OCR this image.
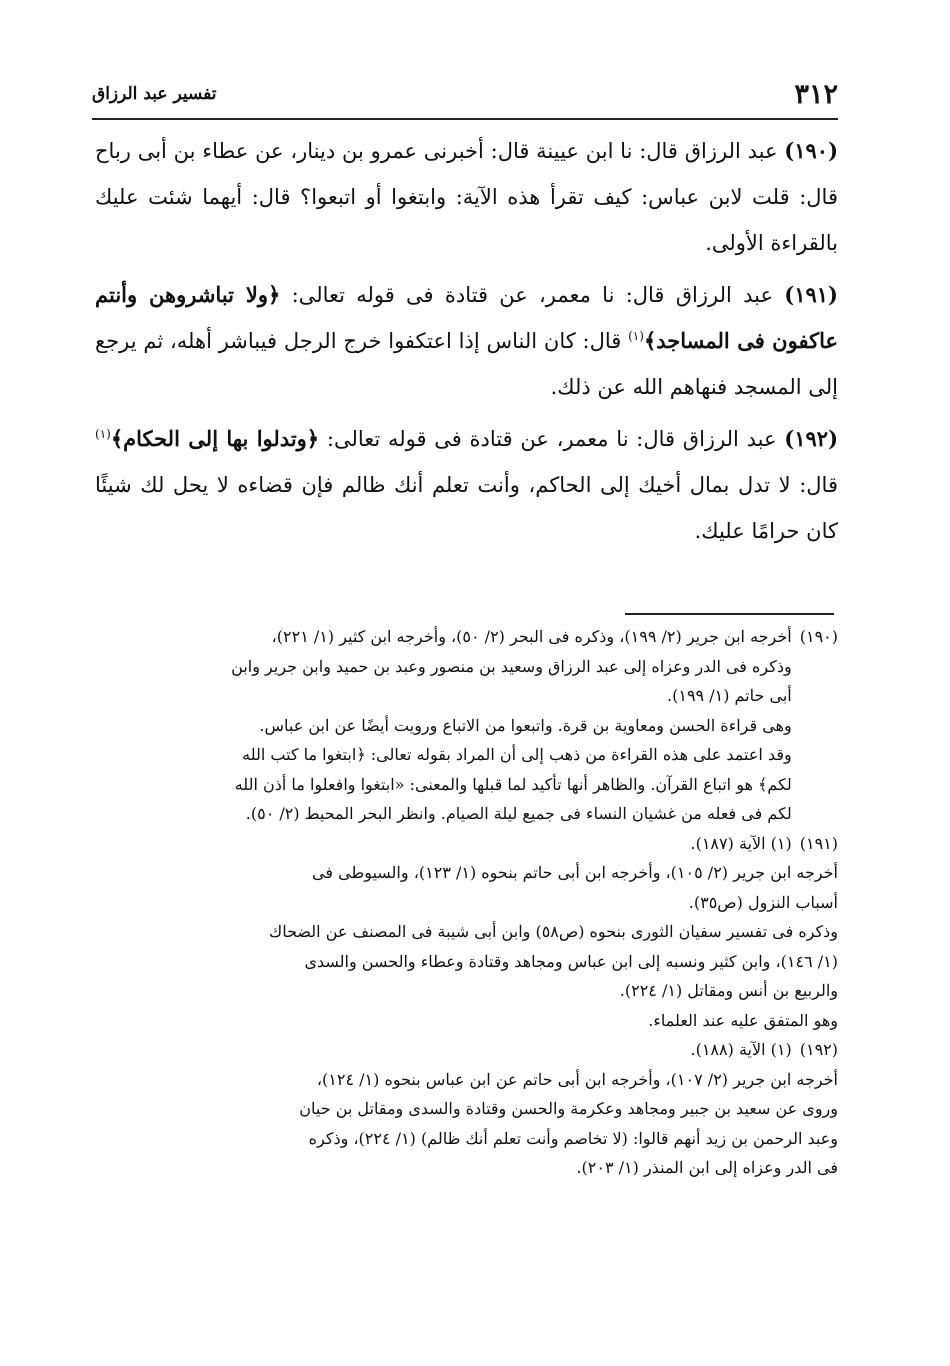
٣١٢
تفسير عبد الرزاق

(١٩٠) عبد الرزاق قال: نا ابن عيينة قال: أخبرنى عمرو بن دينار، عن عطاء بن أبى رباح قال: قلت لابن عباس: كيف تقرأ هذه الآية: وابتغوا أو اتبعوا؟ قال: أيهما شئت عليك بالقراءة الأولى.

(١٩١) عبد الرزاق قال: نا معمر، عن قتادة فى قوله تعالى: ﴿ولا تباشروهن وأنتم عاكفون فى المساجد﴾$^{(١)}$ قال: كان الناس إذا اعتكفوا خرج الرجل فيباشر أهله، ثم يرجع إلى المسجد فنهاهم الله عن ذلك.

(١٩٢) عبد الرزاق قال: نا معمر، عن قتادة فى قوله تعالى: ﴿وتدلوا بها إلى الحكام﴾$^{(١)}$ قال: لا تدل بمال أخيك إلى الحاكم، وأنت تعلم أنك ظالم فإن قضاءه لا يحل لك شيئًا كان حرامًا عليك.

(١٩٠)
أخرجه ابن جرير (٢/ ١٩٩)، وذكره فى البحر (٢/ ٥٠)، وأخرجه ابن كثير (١/ ٢٢١)،
وذكره فى الدر وعزاه إلى عبد الرزاق وسعيد بن منصور وعبد بن حميد وابن جرير وابن
أبى حاتم (١/ ١٩٩).
وهى قراءة الحسن ومعاوية بن قرة. واتبعوا من الاتباع ورويت أيضًا عن ابن عباس.
وقد اعتمد على هذه القراءة من ذهب إلى أن المراد بقوله تعالى: ﴿ابتغوا ما كتب الله
لكم﴾ هو اتباع القرآن. والظاهر أنها تأكيد لما قبلها والمعنى: «ابتغوا وافعلوا ما أذن الله
لكم فى فعله من غشيان النساء فى جميع ليلة الصيام. وانظر البحر المحيط (٢/ ٥٠).
(١٩١)
(١) الآية (١٨٧).
أخرجه ابن جرير (٢/ ١٠٥)، وأخرجه ابن أبى حاتم بنحوه (١/ ١٢٣)، والسيوطى فى
أسباب النزول (ص٣٥).
وذكره فى تفسير سفيان الثورى بنحوه (ص٥٨) وابن أبى شيبة فى المصنف عن الضحاك
(١/ ١٤٦)، وابن كثير ونسبه إلى ابن عباس ومجاهد وقتادة وعطاء والحسن والسدى
والربيع بن أنس ومقاتل (١/ ٢٢٤).
وهو المتفق عليه عند العلماء.
(١٩٢)
(١) الآية (١٨٨).
أخرجه ابن جرير (٢/ ١٠٧)، وأخرجه ابن أبى حاتم عن ابن عباس بنحوه (١/ ١٢٤)،
وروى عن سعيد بن جبير ومجاهد وعكرمة والحسن وقتادة والسدى ومقاتل بن حيان
وعبد الرحمن بن زيد أنهم قالوا: (لا تخاصم وأنت تعلم أنك ظالم) (١/ ٢٢٤)، وذكره
فى الدر وعزاه إلى ابن المنذر (١/ ٢٠٣).
